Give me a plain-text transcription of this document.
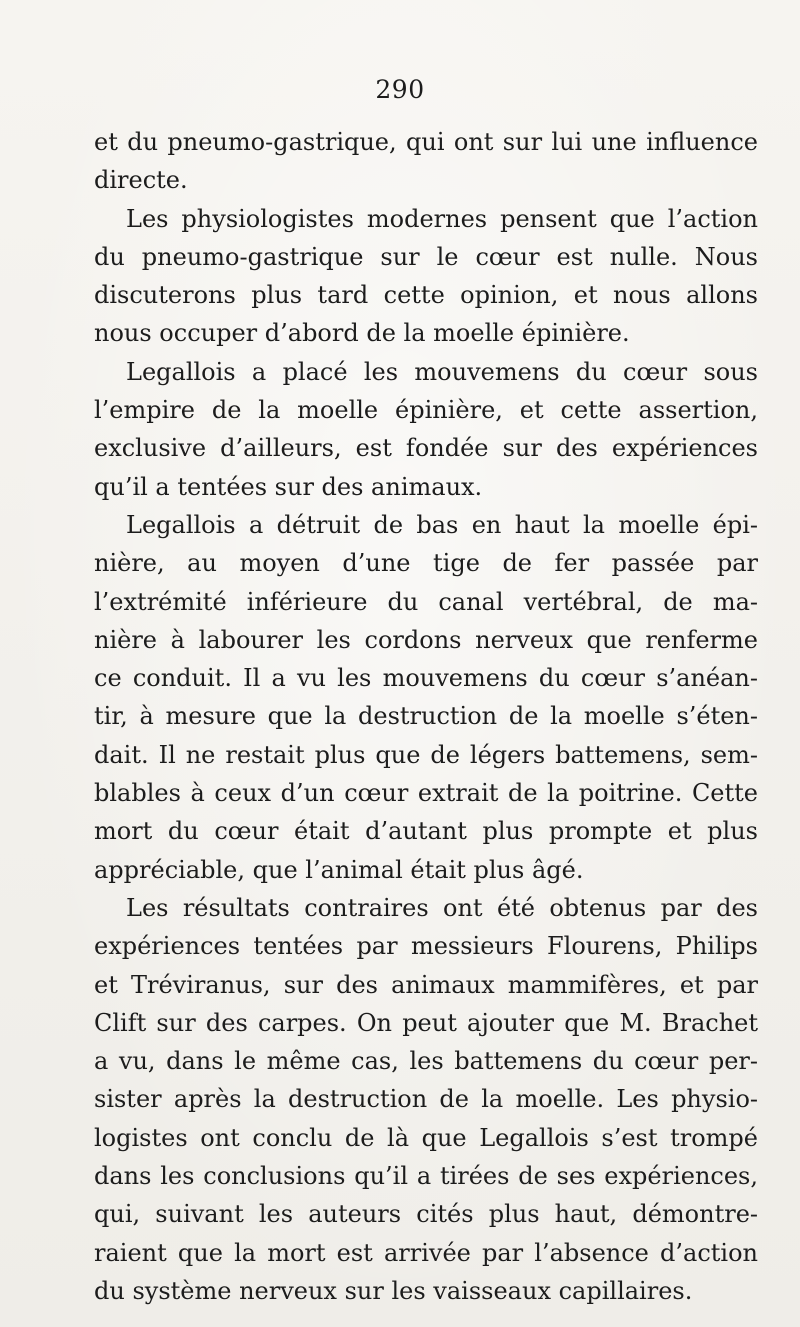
290
et du pneumo-gastrique, qui ont sur lui une influence
directe.
Les physiologistes modernes pensent que l’action
du pneumo-gastrique sur le cœur est nulle. Nous
discuterons plus tard cette opinion, et nous allons
nous occuper d’abord de la moelle épinière.
Legallois a placé les mouvemens du cœur sous
l’empire de la moelle épinière, et cette assertion,
exclusive d’ailleurs, est fondée sur des expériences
qu’il a tentées sur des animaux.
Legallois a détruit de bas en haut la moelle épi-
nière, au moyen d’une tige de fer passée par
l’extrémité inférieure du canal vertébral, de ma-
nière à labourer les cordons nerveux que renferme
ce conduit. Il a vu les mouvemens du cœur s’anéan-
tir, à mesure que la destruction de la moelle s’éten-
dait. Il ne restait plus que de légers battemens, sem-
blables à ceux d’un cœur extrait de la poitrine. Cette
mort du cœur était d’autant plus prompte et plus
appréciable, que l’animal était plus âgé.
Les résultats contraires ont été obtenus par des
expériences tentées par messieurs Flourens, Philips
et Tréviranus, sur des animaux mammifères, et par
Clift sur des carpes. On peut ajouter que M. Brachet
a vu, dans le même cas, les battemens du cœur per-
sister après la destruction de la moelle. Les physio-
logistes ont conclu de là que Legallois s’est trompé
dans les conclusions qu’il a tirées de ses expériences,
qui, suivant les auteurs cités plus haut, démontre-
raient que la mort est arrivée par l’absence d’action
du système nerveux sur les vaisseaux capillaires.
